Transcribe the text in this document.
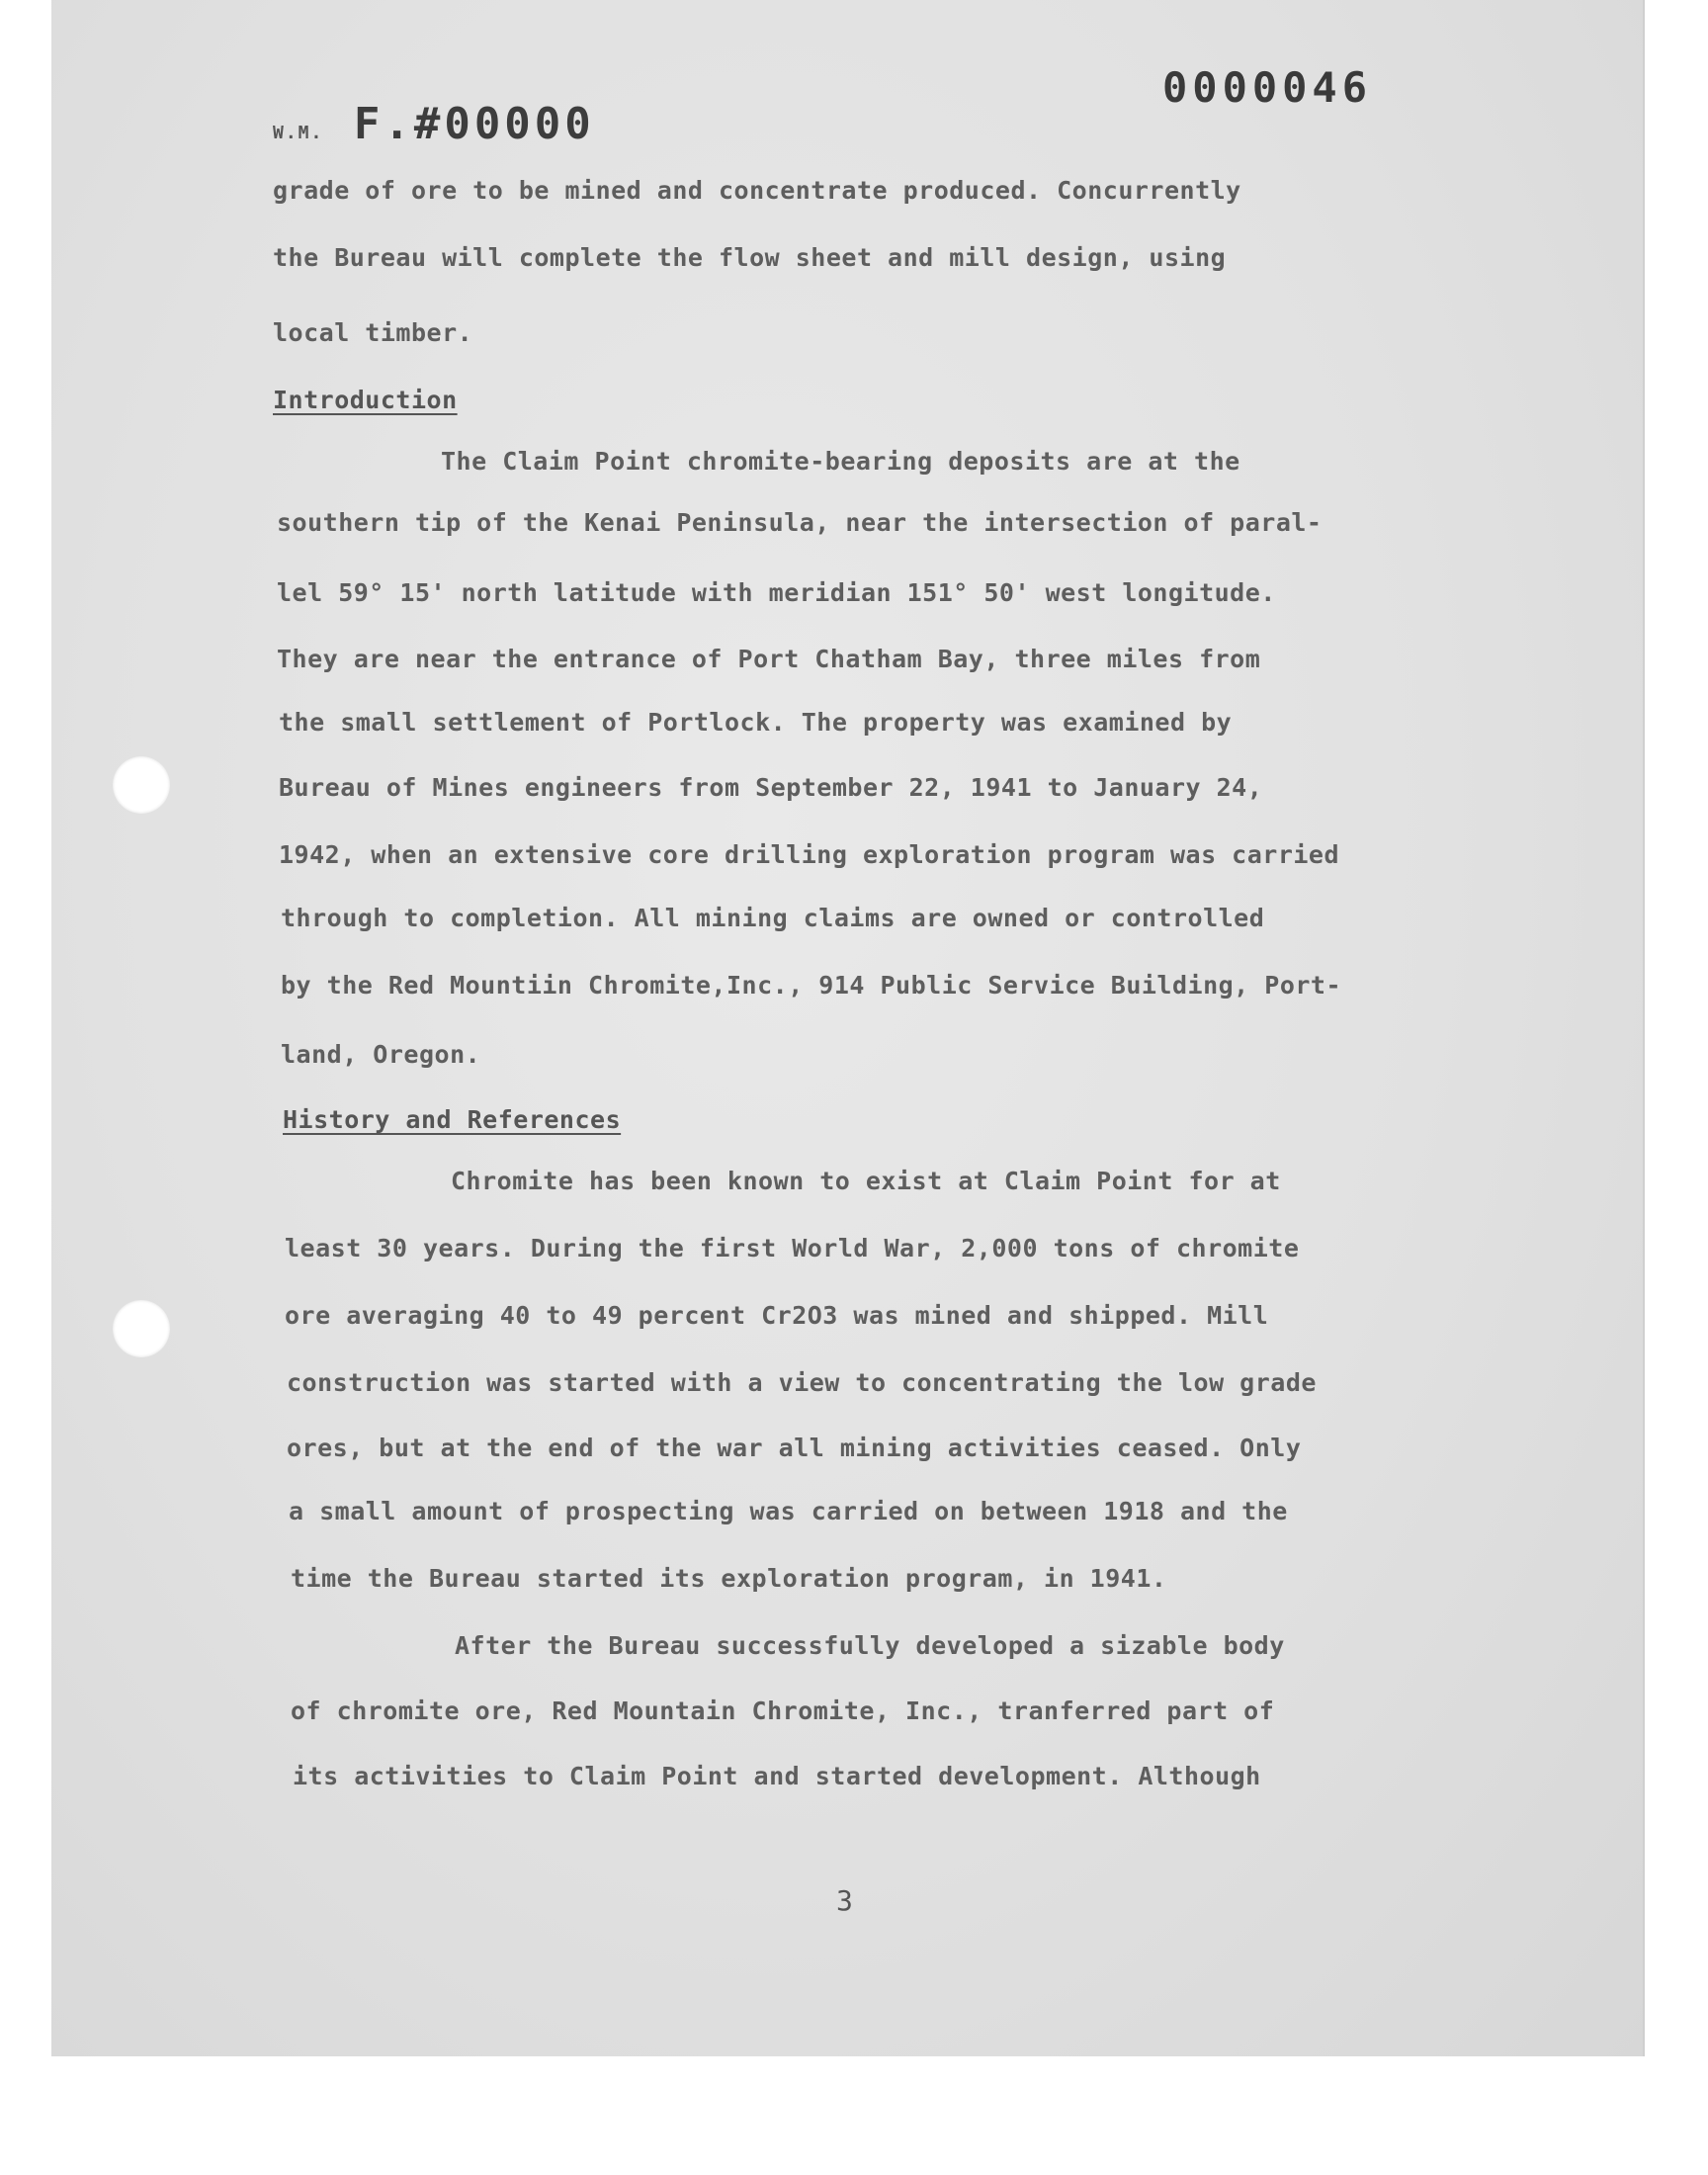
W.M. F.#00000
0000046
grade of ore to be mined and concentrate produced. Concurrently
the Bureau will complete the flow sheet and mill design, using
local timber.
Introduction
The Claim Point chromite-bearing deposits are at the
southern tip of the Kenai Peninsula, near the intersection of paral-
lel 59° 15' north latitude with meridian 151° 50' west longitude.
They are near the entrance of Port Chatham Bay, three miles from
the small settlement of Portlock. The property was examined by
Bureau of Mines engineers from September 22, 1941 to January 24,
1942, when an extensive core drilling exploration program was carried
through to completion. All mining claims are owned or controlled
by the Red Mountiin Chromite,Inc., 914 Public Service Building, Port-
land, Oregon.
History and References
Chromite has been known to exist at Claim Point for at
least 30 years. During the first World War, 2,000 tons of chromite
ore averaging 40 to 49 percent Cr2O3 was mined and shipped. Mill
construction was started with a view to concentrating the low grade
ores, but at the end of the war all mining activities ceased. Only
a small amount of prospecting was carried on between 1918 and the
time the Bureau started its exploration program, in 1941.
After the Bureau successfully developed a sizable body
of chromite ore, Red Mountain Chromite, Inc., tranferred part of
its activities to Claim Point and started development. Although
3
